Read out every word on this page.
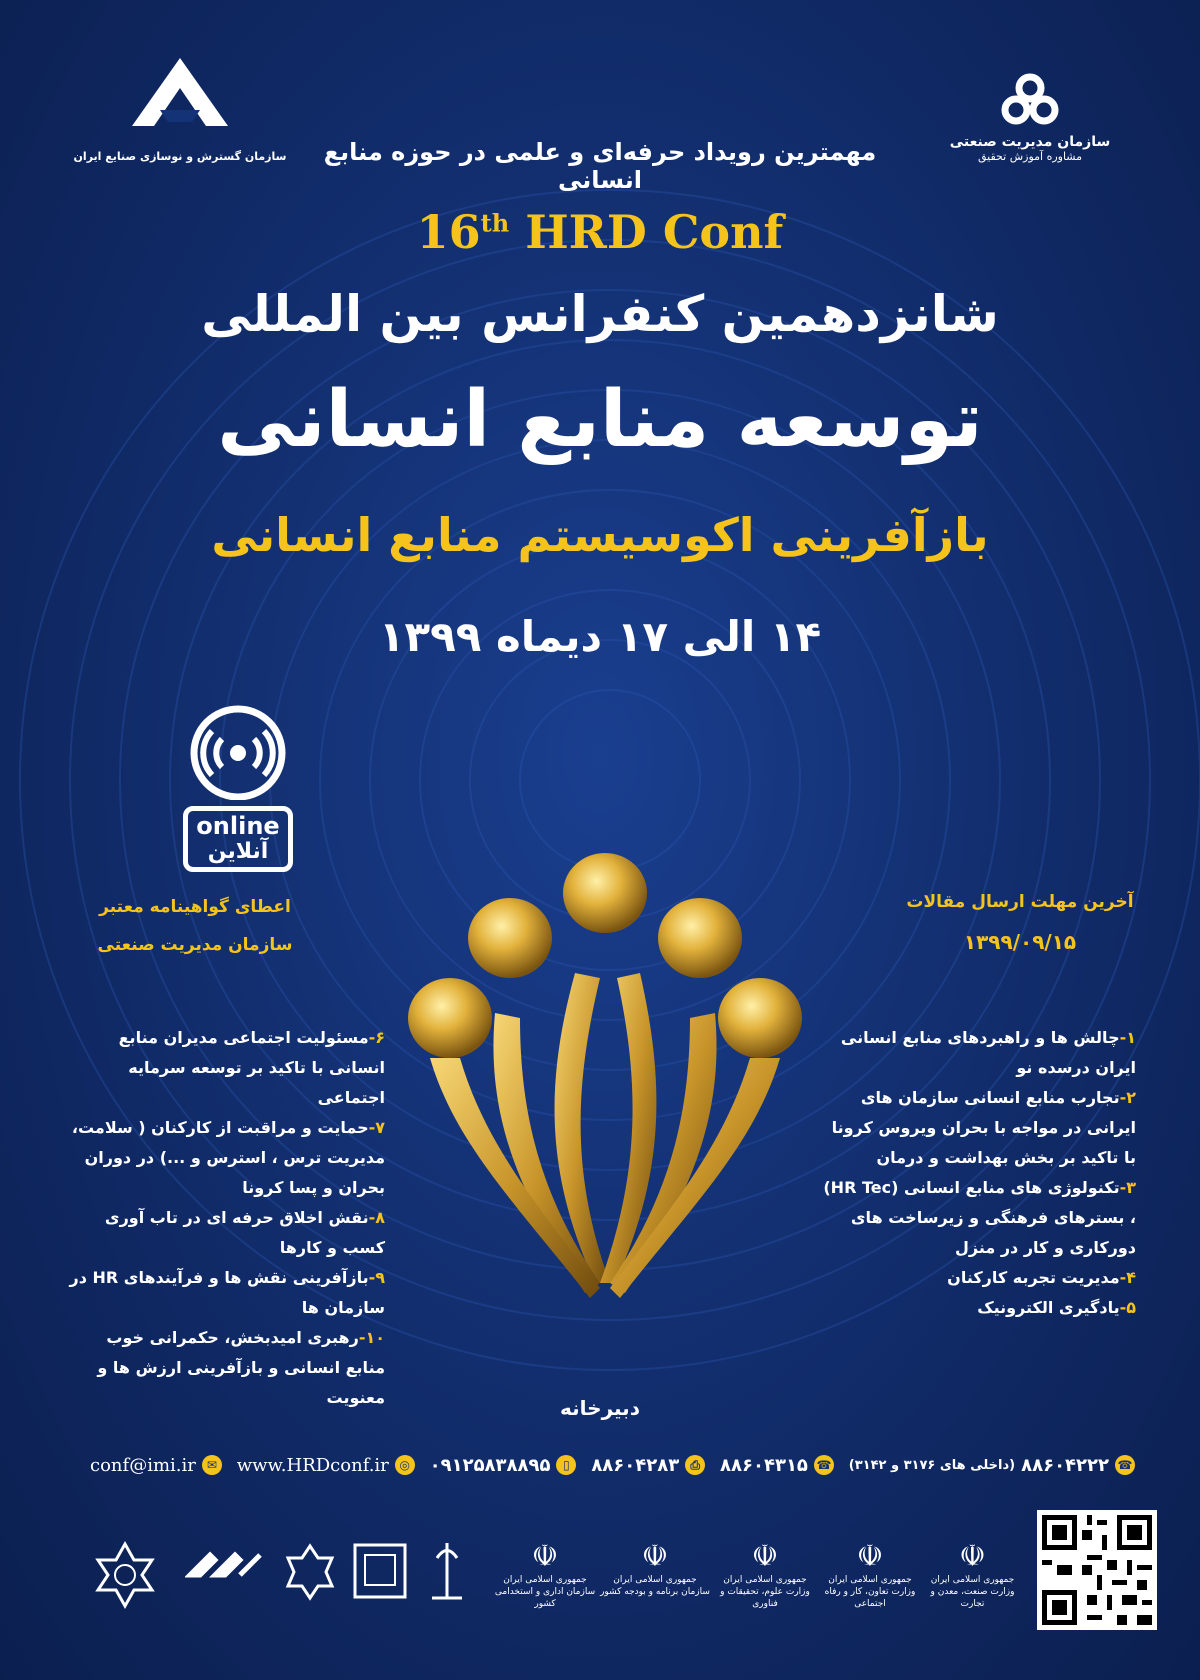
سازمان گسترش و نوسازی صنایع ایران
سازمان مدیریت صنعتی
مشاوره آموزش تحقیق
مهمترین رویداد حرفه‌ای و علمی در حوزه منابع انسانی
16th HRD Conf
شانزدهمین کنفرانس بین المللی
توسعه منابع انسانی
بازآفرینی اکوسیستم منابع انسانی
۱۴ الی ۱۷ دیماه ۱۳۹۹
online
آنلاین
اعطای گواهینامه معتبر
سازمان مدیریت صنعتی
آخرین مهلت ارسال مقالات
۱۳۹۹/۰۹/۱۵
۱-چالش ها و راهبردهای منابع انسانی ایران درسده نو
۲-تجارب منابع انسانی سازمان های ایرانی در مواجه با بحران ویروس کرونا با تاکید بر بخش بهداشت و درمان
۳-تکنولوژی های منابع انسانی (HR Tec) ، بسترهای فرهنگی و زیرساخت های دورکاری و کار در منزل
۴-مدیریت تجربه کارکنان
۵-یادگیری الکترونیک
۶-مسئولیت اجتماعی مدیران منابع انسانی با تاکید بر توسعه سرمایه اجتماعی
۷-حمایت و مراقبت از کارکنان ( سلامت، مدیریت ترس ، استرس و ...) در دوران بحران و پسا کرونا
۸-نقش اخلاق حرفه ای در تاب آوری کسب و کارها
۹-بازآفرینی نقش ها و فرآیندهای HR در سازمان ها
۱۰-رهبری امیدبخش، حکمرانی خوب منابع انسانی و بازآفرینی ارزش ها و معنویت	دبیرخانه
☎
۸۸۶۰۴۲۲۲
(داخلی های ۳۱۷۶ و ۳۱۴۲)
☎
۸۸۶۰۴۳۱۵
⎙
۸۸۶۰۴۲۸۳
▯
۰۹۱۲۵۸۳۸۸۹۵
◎
www.HRDconf.ir
✉
conf@imi.ir
☫
جمهوری اسلامی ایران
سازمان اداری و استخدامی کشور
☫
جمهوری اسلامی ایران
سازمان برنامه و بودجه کشور
☫
جمهوری اسلامی ایران
وزارت علوم، تحقیقات و فناوری
☫
جمهوری اسلامی ایران
وزارت تعاون، کار و رفاه اجتماعی
☫
جمهوری اسلامی ایران
وزارت صنعت، معدن و تجارت
